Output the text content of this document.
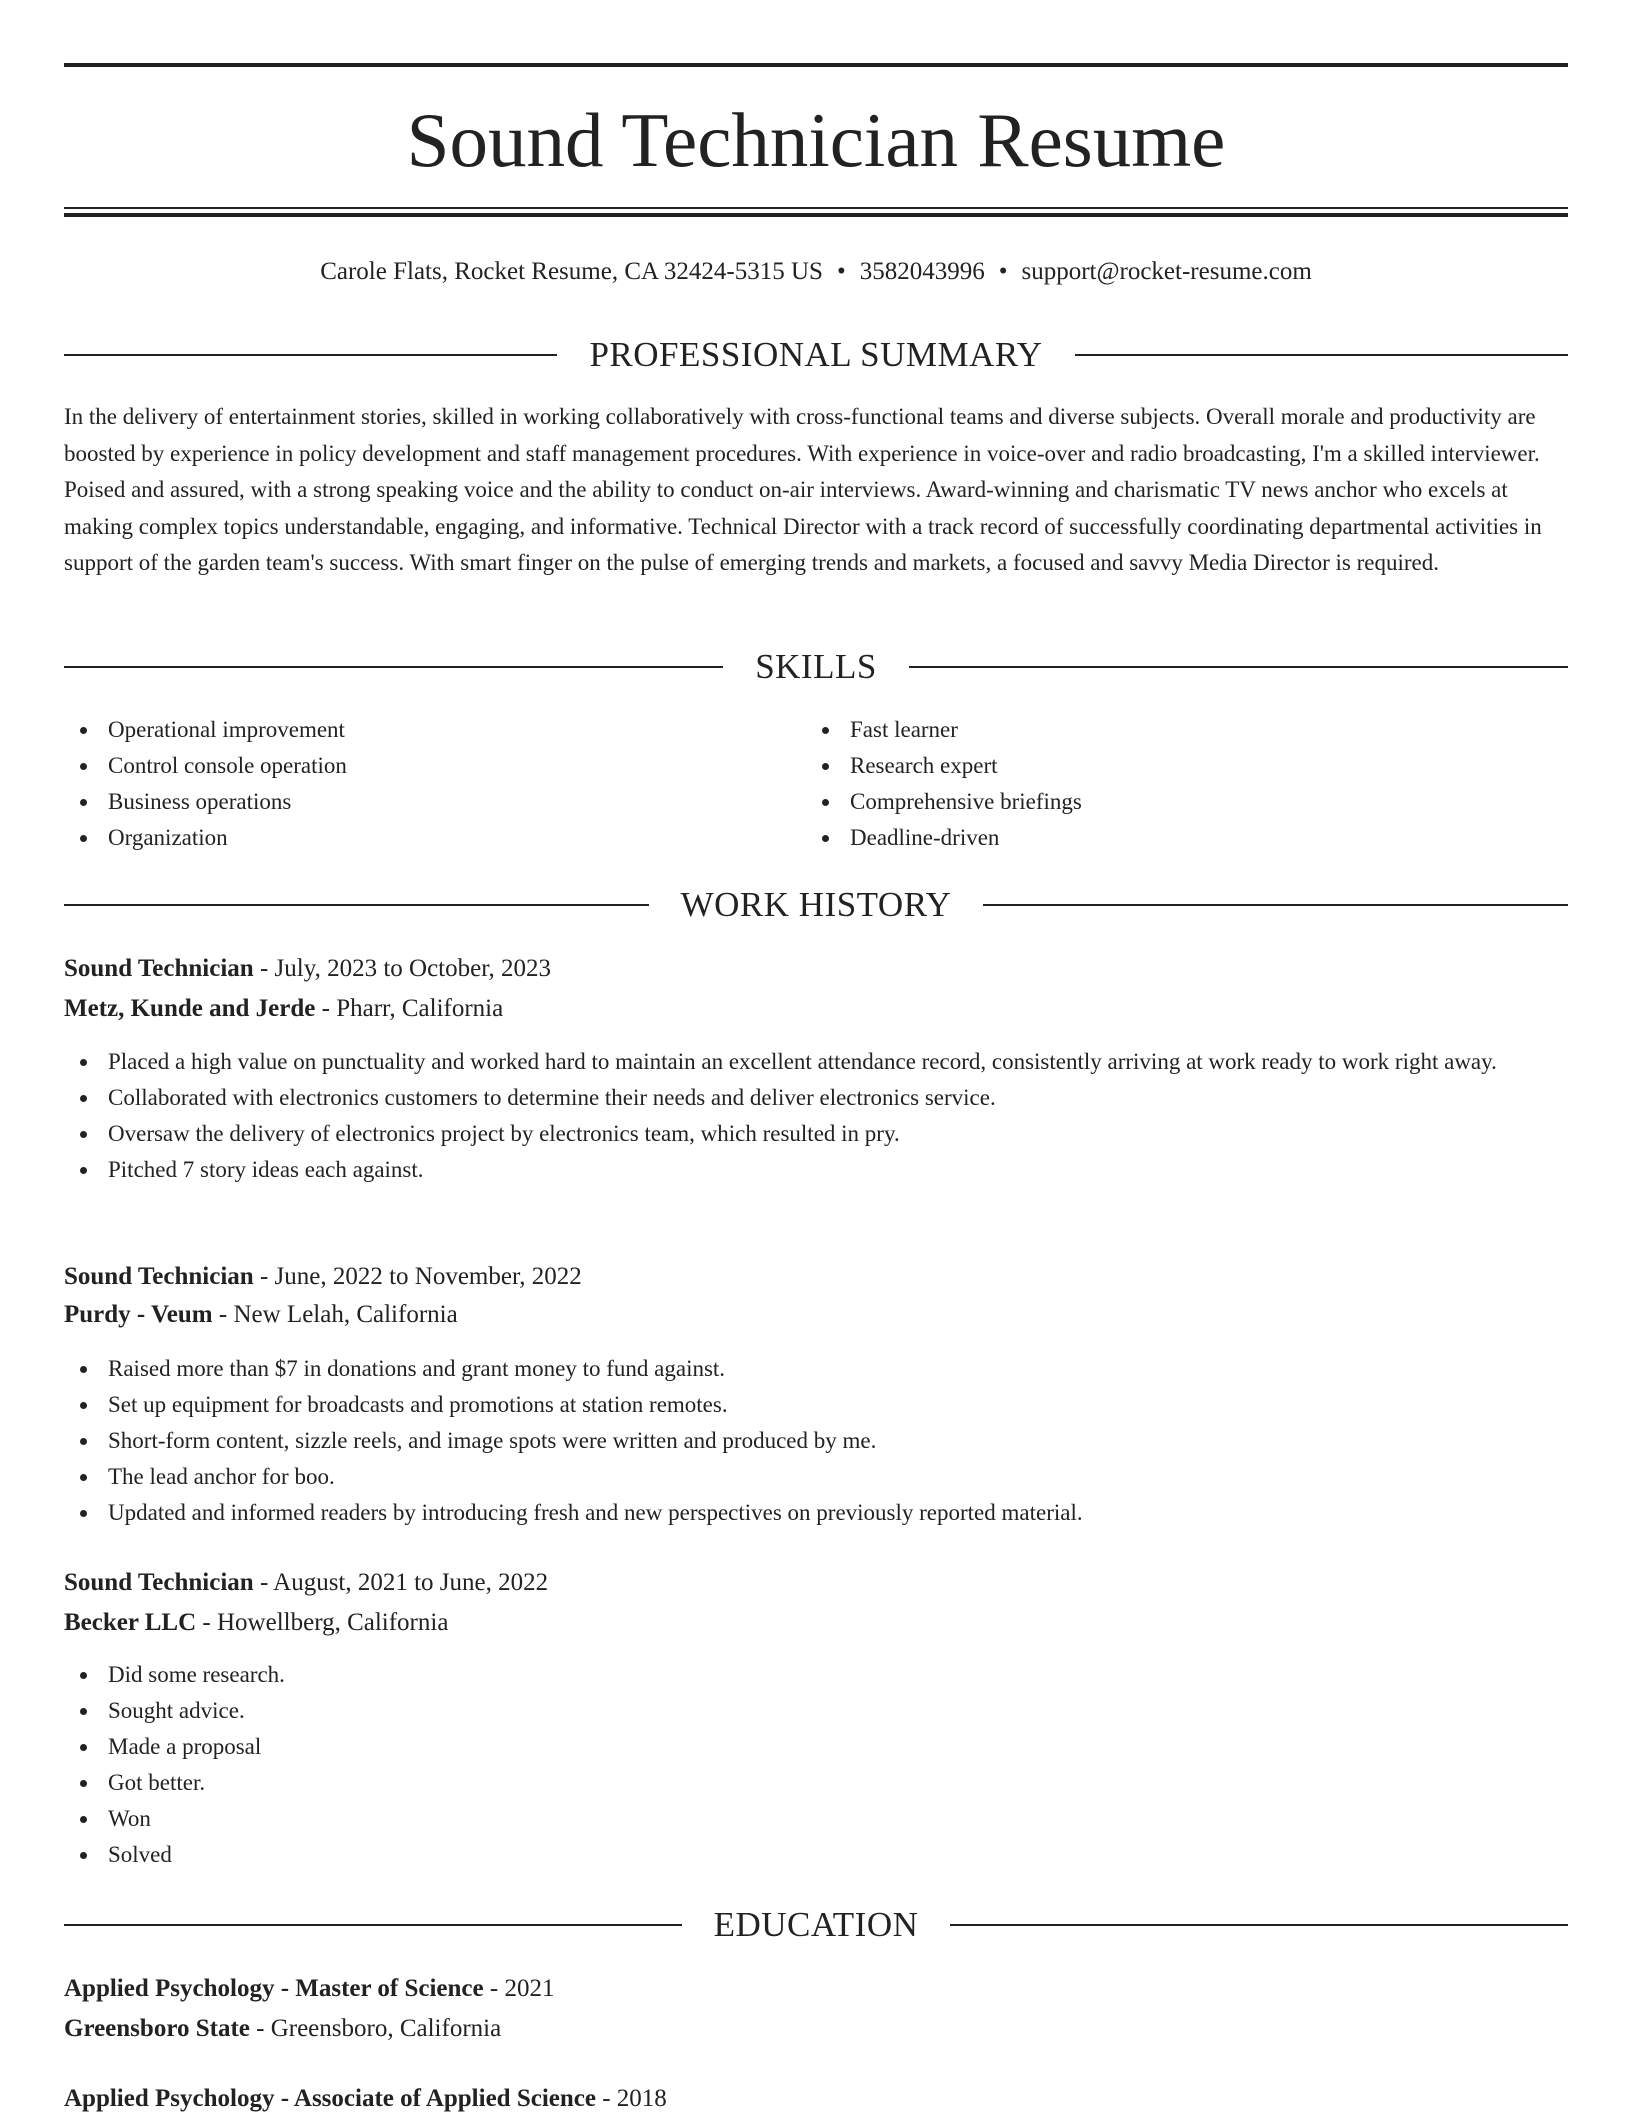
Sound Technician Resume
Carole Flats, Rocket Resume, CA 32424-5315 US • 3582043996 • support@rocket-resume.com
PROFESSIONAL SUMMARY

In the delivery of entertainment stories, skilled in working collaboratively with cross-functional teams and diverse subjects. Overall morale and productivity are boosted by experience in policy development and staff management procedures. With experience in voice-over and radio broadcasting, I'm a skilled interviewer. Poised and assured, with a strong speaking voice and the ability to conduct on-air interviews. Award-winning and charismatic TV news anchor who excels at making complex topics understandable, engaging, and informative. Technical Director with a track record of successfully coordinating departmental activities in support of the garden team's success. With smart finger on the pulse of emerging trends and markets, a focused and savvy Media Director is required.

SKILLS
Operational improvement
Control console operation
Business operations
Organization
Fast learner
Research expert
Comprehensive briefings
Deadline-driven
WORK HISTORY
Sound Technician - July, 2023 to October, 2023
Metz, Kunde and Jerde - Pharr, California
Placed a high value on punctuality and worked hard to maintain an excellent attendance record, consistently arriving at work ready to work right away.
Collaborated with electronics customers to determine their needs and deliver electronics service.
Oversaw the delivery of electronics project by electronics team, which resulted in pry.
Pitched 7 story ideas each against.
Sound Technician - June, 2022 to November, 2022
Purdy - Veum - New Lelah, California
Raised more than $7 in donations and grant money to fund against.
Set up equipment for broadcasts and promotions at station remotes.
Short-form content, sizzle reels, and image spots were written and produced by me.
The lead anchor for boo.
Updated and informed readers by introducing fresh and new perspectives on previously reported material.
Sound Technician - August, 2021 to June, 2022
Becker LLC - Howellberg, California
Did some research.
Sought advice.
Made a proposal
Got better.
Won
Solved
EDUCATION
Applied Psychology - Master of Science - 2021
Greensboro State - Greensboro, California
Applied Psychology - Associate of Applied Science - 2018
